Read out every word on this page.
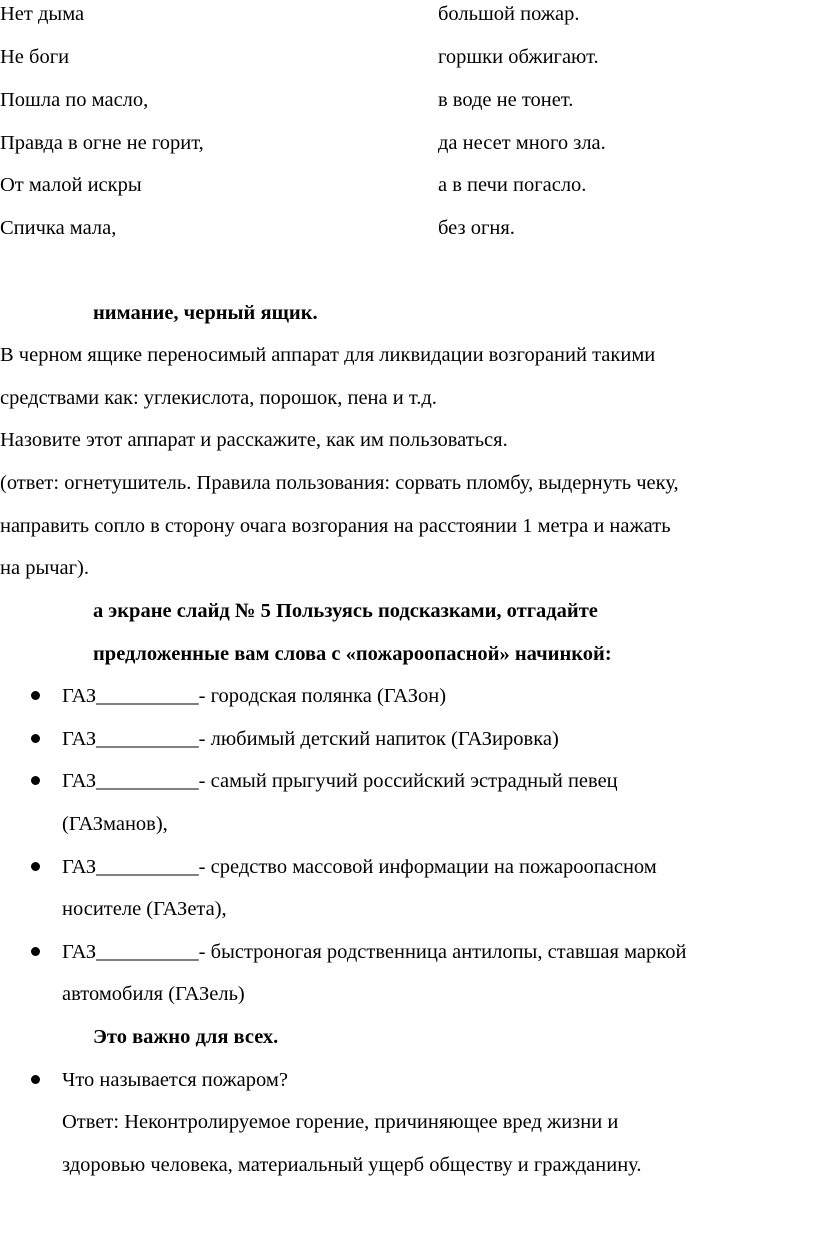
Нет дыма	большой пожар.
Не боги	горшки обжигают.
Пошла по масло,	в воде не тонет.
Правда в огне не горит,	да несет много зла.
От малой искры	а в печи погасло.
Спичка мала,	без огня.
нимание, черный ящик.
В черном ящике переносимый аппарат для ликвидации возгораний такими
средствами как: углекислота, порошок, пена и т.д.
Назовите этот аппарат и расскажите, как им пользоваться.
(ответ: огнетушитель. Правила пользования: сорвать пломбу, выдернуть чеку,
направить сопло в сторону очага возгорания на расстоянии 1 метра и нажать
на рычаг).
а экране слайд № 5 Пользуясь подсказками, отгадайте
предложенные вам слова с «пожароопасной» начинкой:
ГАЗ__________- городская полянка (ГАЗон)
ГАЗ__________- любимый детский напиток (ГАЗировка)
ГАЗ__________- самый прыгучий российский эстрадный певец
(ГАЗманов),
ГАЗ__________- средство массовой информации на пожароопасном
носителе (ГАЗета),
ГАЗ__________- быстроногая родственница антилопы, ставшая маркой
автомобиля (ГАЗель)
Это важно для всех.
Что называется пожаром?
Ответ: Неконтролируемое горение, причиняющее вред жизни и
здоровью человека, материальный ущерб обществу и гражданину.
